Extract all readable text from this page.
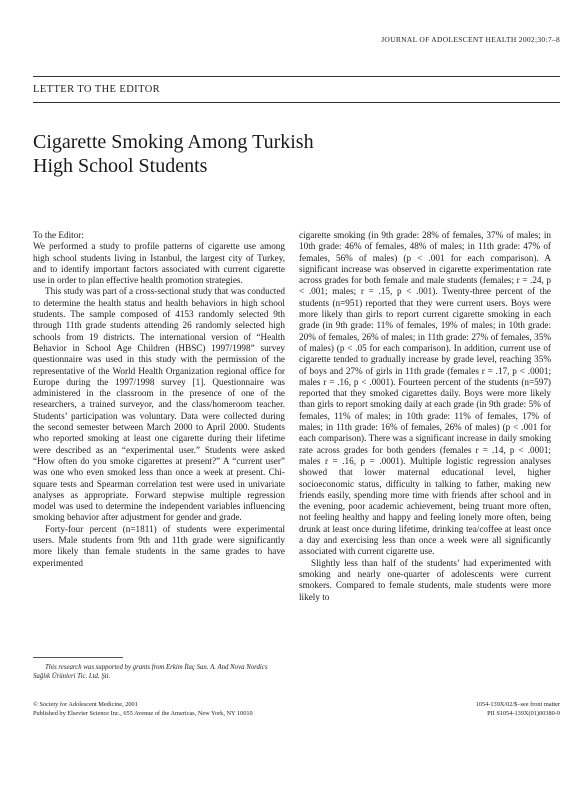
JOURNAL OF ADOLESCENT HEALTH 2002;30:7–8
LETTER TO THE EDITOR
Cigarette Smoking Among Turkish
High School Students
To the Editor:

We performed a study to profile patterns of cigarette use among high school students living in Istanbul, the largest city of Turkey, and to identify important factors associated with current cigarette use in order to plan effective health promotion strategies.

This study was part of a cross-sectional study that was conducted to determine the health status and health behaviors in high school students. The sample composed of 4153 randomly selected 9th through 11th grade students attending 26 randomly selected high schools from 19 districts. The international version of “Health Behavior in School Age Children (HBSC) 1997/1998” survey questionnaire was used in this study with the permission of the representative of the World Health Organization regional office for Europe during the 1997/1998 survey [1]. Questionnaire was administered in the classroom in the presence of one of the researchers, a trained surveyor, and the class/homeroom teacher. Students’ participation was voluntary. Data were collected during the second semester between March 2000 to April 2000. Students who reported smoking at least one cigarette during their lifetime were described as an “experimental user.” Students were asked “How often do you smoke cigarettes at present?” A “current user” was one who even smoked less than once a week at present. Chi-square tests and Spearman correlation test were used in univariate analyses as appropriate. Forward stepwise multiple regression model was used to determine the independent variables influencing smoking behavior after adjustment for gender and grade.

Forty-four percent (n=1811) of students were experimental users. Male students from 9th and 11th grade were significantly more likely than female students in the same grades to have experimented

cigarette smoking (in 9th grade: 28% of females, 37% of males; in 10th grade: 46% of females, 48% of males; in 11th grade: 47% of females, 56% of males) (p < .001 for each comparison). A significant increase was observed in cigarette experimentation rate across grades for both female and male students (females; r = .24, p < .001; males; r = .15, p < .001). Twenty-three percent of the students (n=951) reported that they were current users. Boys were more likely than girls to report current cigarette smoking in each grade (in 9th grade: 11% of females, 19% of males; in 10th grade: 20% of females, 26% of males; in 11th grade: 27% of females, 35% of males) (p < .05 for each comparison). In addition, current use of cigarette tended to gradually increase by grade level, reaching 35% of boys and 27% of girls in 11th grade (females r = .17, p < .0001; males r = .16, p < .0001). Fourteen percent of the students (n=597) reported that they smoked cigarettes daily. Boys were more likely than girls to report smoking daily at each grade (in 9th grade: 5% of females, 11% of males; in 10th grade: 11% of females, 17% of males; in 11th grade: 16% of females, 26% of males) (p < .001 for each comparison). There was a significant increase in daily smoking rate across grades for both genders (females r = .14, p < .0001; males r = .16, p = .0001). Multiple logistic regression analyses showed that lower maternal educational level, higher socioeconomic status, difficulty in talking to father, making new friends easily, spending more time with friends after school and in the evening, poor academic achievement, being truant more often, not feeling healthy and happy and feeling lonely more often, being drunk at least once during lifetime, drinking tea/coffee at least once a day and exercising less than once a week were all significantly associated with current cigarette use.

Slightly less than half of the students’ had experimented with smoking and nearly one-quarter of adolescents were current smokers. Compared to female students, male students were more likely to

This research was supported by grants from Erkim İlaç San. A. And Nova Nordics Sağlık Ürünleri Tic. Ltd. Şti.
© Society for Adolescent Medicine, 2001
Published by Elsevier Science Inc., 655 Avenue of the Americas, New York, NY 10010
1054-139X/02/$–see front matter
PII S1054-139X(01)00380-9
